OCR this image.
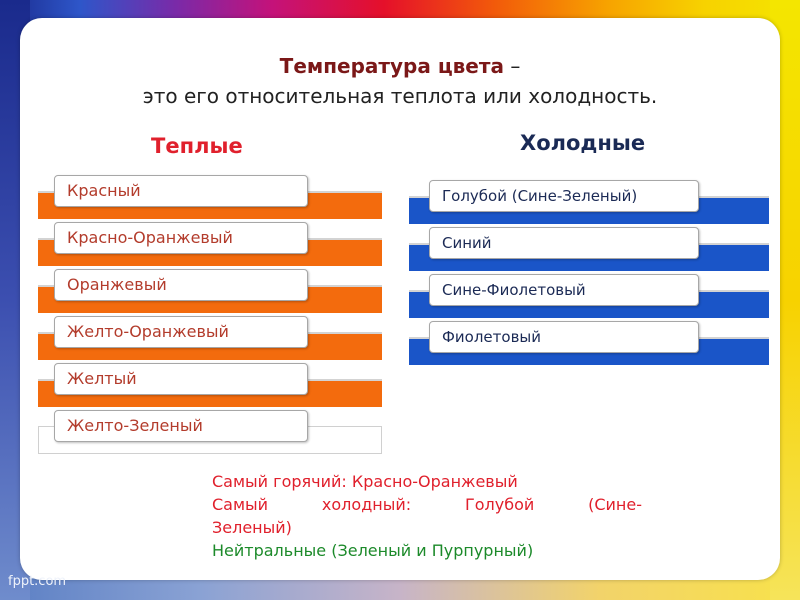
fppt.com
Температура цвета –
это его относительная теплота или холодность.
Теплые	Холодные
Красный
Красно-Оранжевый
Оранжевый
Желто-Оранжевый
Желтый
Желто-Зеленый
Голубой (Сине-Зеленый)
Синий
Сине-Фиолетовый
Фиолетовый
Самый горячий: Красно-Оранжевый
Самый холодный: Голубой (Сине-
Зеленый)
Нейтральные (Зеленый и Пурпурный)
